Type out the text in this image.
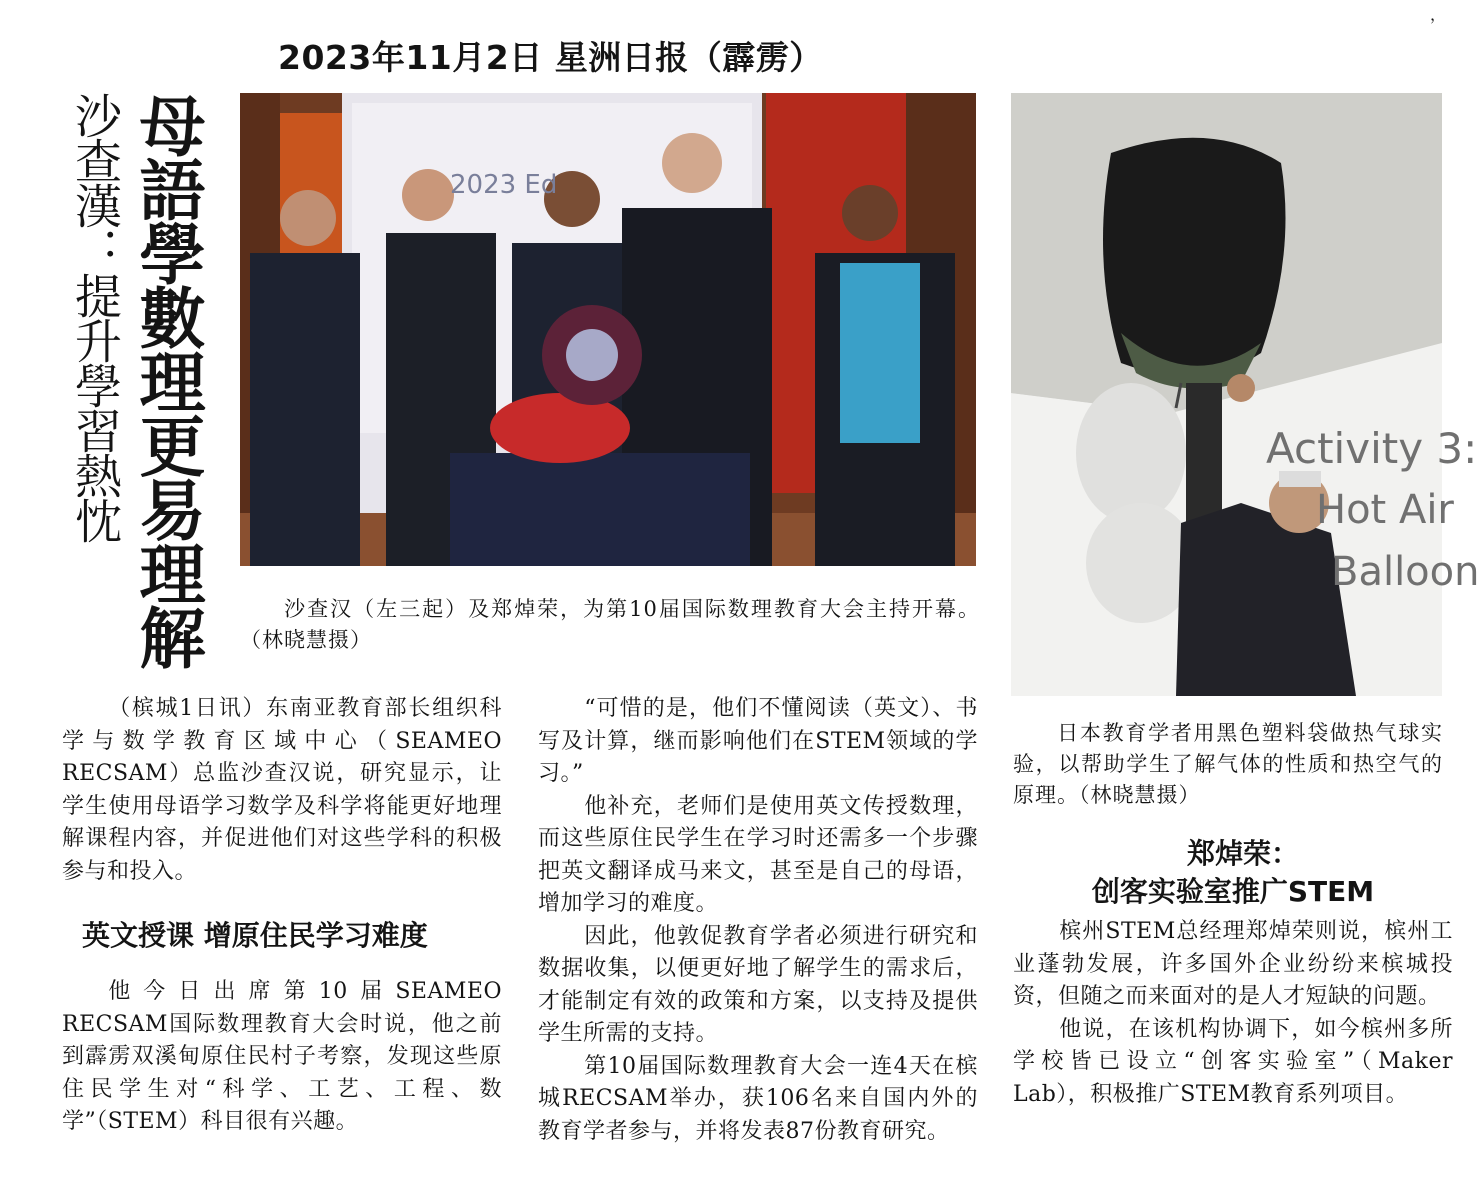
2023年11月2日 星洲日报（霹雳）
，
母語學數理更易理解
沙查漢：提升學習熱忱	2023 Ed
沙查汉（左三起）及郑焯荣，为第10届国际数理教育大会主持开幕。（林晓慧摄）
Activity 3:
Hot Air
Balloon
日本教育学者用黑色塑料袋做热气球实验，以帮助学生了解气体的性质和热空气的原理。（林晓慧摄）

（槟城1日讯）东南亚教育部长组织科学与数学教育区域中心（SEAMEO RECSAM）总监沙查汉说，研究显示，让学生使用母语学习数学及科学将能更好地理解课程内容，并促进他们对这些学科的积极参与和投入。

英文授课 增原住民学习难度

他今日出席第10届SEAMEO RECSAM国际数理教育大会时说，他之前到霹雳双溪甸原住民村子考察，发现这些原住民学生对“科学、工艺、工程、数学”（STEM）科目很有兴趣。

“可惜的是，他们不懂阅读（英文）、书写及计算，继而影响他们在STEM领域的学习。”

他补充，老师们是使用英文传授数理，而这些原住民学生在学习时还需多一个步骤把英文翻译成马来文，甚至是自己的母语，增加学习的难度。

因此，他敦促教育学者必须进行研究和数据收集，以便更好地了解学生的需求后，才能制定有效的政策和方案，以支持及提供学生所需的支持。

第10届国际数理教育大会一连4天在槟城RECSAM举办，获106名来自国内外的教育学者参与，并将发表87份教育研究。

郑焯荣：
创客实验室推广STEM

槟州STEM总经理郑焯荣则说，槟州工业蓬勃发展，许多国外企业纷纷来槟城投资，但随之而来面对的是人才短缺的问题。

他说，在该机构协调下，如今槟州多所学校皆已设立“创客实验室”（Maker Lab），积极推广STEM教育系列项目。
